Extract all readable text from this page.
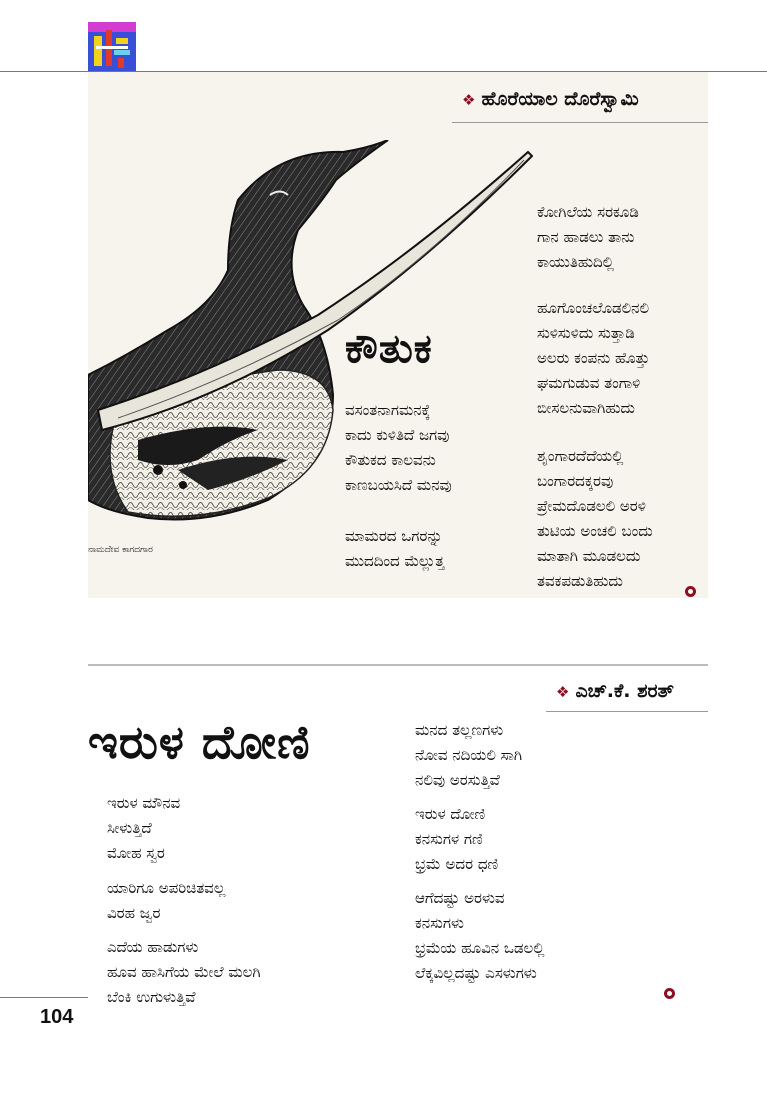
❖ ಹೊರೆಯಾಲ ದೊರೆಸ್ವಾಮಿ
ನಾಮದೇವ ಕಾಗದಗಾರ
ಕೌತುಕ
ವಸಂತನಾಗಮನಕ್ಕೆ
ಕಾದು ಕುಳಿತಿದೆ ಜಗವು
ಕೌತುಕದ ಕಾಲವನು
ಕಾಣಬಯಸಿದೆ ಮನವು
ಮಾಮರದ ಒಗರನ್ನು
ಮುದದಿಂದ ಮೆಲ್ಲುತ್ತ
ಕೋಗಿಲೆಯ ಸರಕೂಡಿ
ಗಾನ ಹಾಡಲು ತಾನು
ಕಾಯುತಿಹುದಿಲ್ಲಿ
ಹೂಗೊಂಚಲೊಡಲಿನಲಿ
ಸುಳಿಸುಳಿದು ಸುತ್ತಾಡಿ
ಅಲರು ಕಂಪನು ಹೊತ್ತು
ಘಮಗುಡುವ ತಂಗಾಳಿ
ಬೀಸಲನುವಾಗಿಹುದು
ಶೃಂಗಾರದೆದೆಯಲ್ಲಿ
ಬಂಗಾರದಕ್ಕರವು
ಪ್ರೇಮದೊಡಲಲಿ ಅರಳಿ
ತುಟಿಯ ಅಂಚಲಿ ಬಂದು
ಮಾತಾಗಿ ಮೂಡಲದು
ತವಕಪಡುತಿಹುದು
❖ ಎಚ್.ಕೆ. ಶರತ್
ಇರುಳ ದೋಣಿ
ಇರುಳ ಮೌನವ
ಸೀಳುತ್ತಿದೆ
ಮೋಹ ಸ್ವರ
ಯಾರಿಗೂ ಅಪರಿಚಿತವಲ್ಲ
ವಿರಹ ಜ್ವರ
ಎದೆಯ ಹಾಡುಗಳು
ಹೂವ ಹಾಸಿಗೆಯ ಮೇಲೆ ಮಲಗಿ
ಬೆಂಕಿ ಉಗುಳುತ್ತಿವೆ
ಮನದ ತಲ್ಲಣಗಳು
ನೋವ ನದಿಯಲಿ ಸಾಗಿ
ನಲಿವು ಅರಸುತ್ತಿವೆ
ಇರುಳ ದೋಣಿ
ಕನಸುಗಳ ಗಣಿ
ಭ್ರಮೆ ಅದರ ಧಣಿ
ಆಗೆದಷ್ಟು ಅರಳುವ
ಕನಸುಗಳು
ಭ್ರಮೆಯ ಹೂವಿನ ಒಡಲಲ್ಲಿ
ಲೆಕ್ಕವಿಲ್ಲದಷ್ಟು ಎಸಳುಗಳು
104
